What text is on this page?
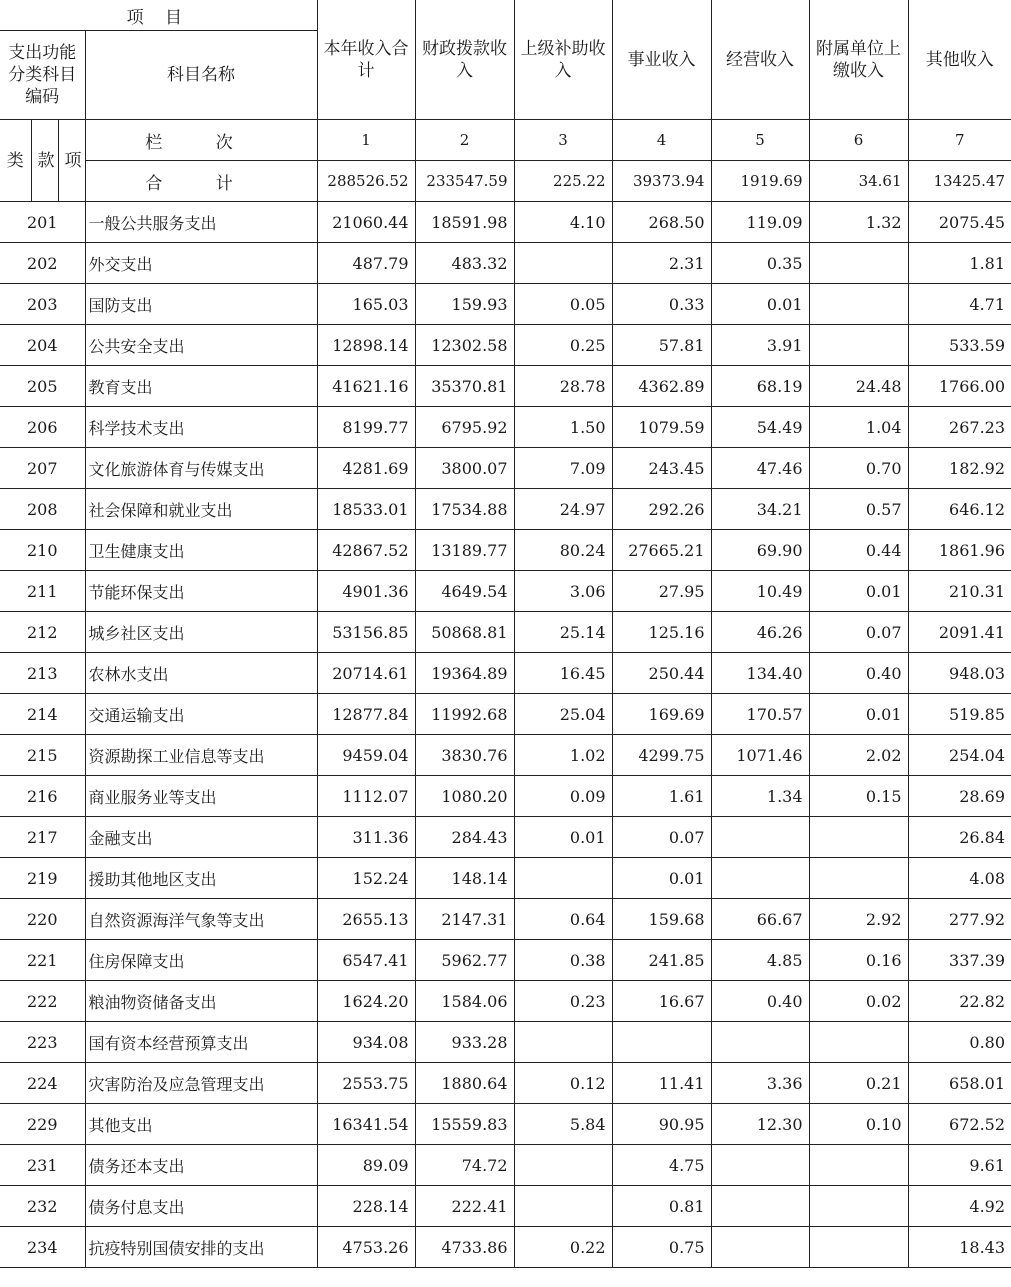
项 目				本年收入合计	财政拨款收入	上级补助收入	事业收入	经营收入	附属单位上缴收入	其他收入
支出功能分类科目编码			科目名称							
类	款	项	栏 次	1	2	3	4	5	6	7
			合 计	288526.52	233547.59	225.22	39373.94	1919.69	34.61	13425.47
201			一般公共服务支出	21060.44	18591.98	4.10	268.50	119.09	1.32	2075.45
202			外交支出	487.79	483.32		2.31	0.35		1.81
203			国防支出	165.03	159.93	0.05	0.33	0.01		4.71
204			公共安全支出	12898.14	12302.58	0.25	57.81	3.91		533.59
205			教育支出	41621.16	35370.81	28.78	4362.89	68.19	24.48	1766.00
206			科学技术支出	8199.77	6795.92	1.50	1079.59	54.49	1.04	267.23
207			文化旅游体育与传媒支出	4281.69	3800.07	7.09	243.45	47.46	0.70	182.92
208			社会保障和就业支出	18533.01	17534.88	24.97	292.26	34.21	0.57	646.12
210			卫生健康支出	42867.52	13189.77	80.24	27665.21	69.90	0.44	1861.96
211			节能环保支出	4901.36	4649.54	3.06	27.95	10.49	0.01	210.31
212			城乡社区支出	53156.85	50868.81	25.14	125.16	46.26	0.07	2091.41
213			农林水支出	20714.61	19364.89	16.45	250.44	134.40	0.40	948.03
214			交通运输支出	12877.84	11992.68	25.04	169.69	170.57	0.01	519.85
215			资源勘探工业信息等支出	9459.04	3830.76	1.02	4299.75	1071.46	2.02	254.04
216			商业服务业等支出	1112.07	1080.20	0.09	1.61	1.34	0.15	28.69
217			金融支出	311.36	284.43	0.01	0.07			26.84
219			援助其他地区支出	152.24	148.14		0.01			4.08
220			自然资源海洋气象等支出	2655.13	2147.31	0.64	159.68	66.67	2.92	277.92
221			住房保障支出	6547.41	5962.77	0.38	241.85	4.85	0.16	337.39
222			粮油物资储备支出	1624.20	1584.06	0.23	16.67	0.40	0.02	22.82
223			国有资本经营预算支出	934.08	933.28					0.80
224			灾害防治及应急管理支出	2553.75	1880.64	0.12	11.41	3.36	0.21	658.01
229			其他支出	16341.54	15559.83	5.84	90.95	12.30	0.10	672.52
231			债务还本支出	89.09	74.72		4.75			9.61
232			债务付息支出	228.14	222.41		0.81			4.92
234			抗疫特别国债安排的支出	4753.26	4733.86	0.22	0.75			18.43
